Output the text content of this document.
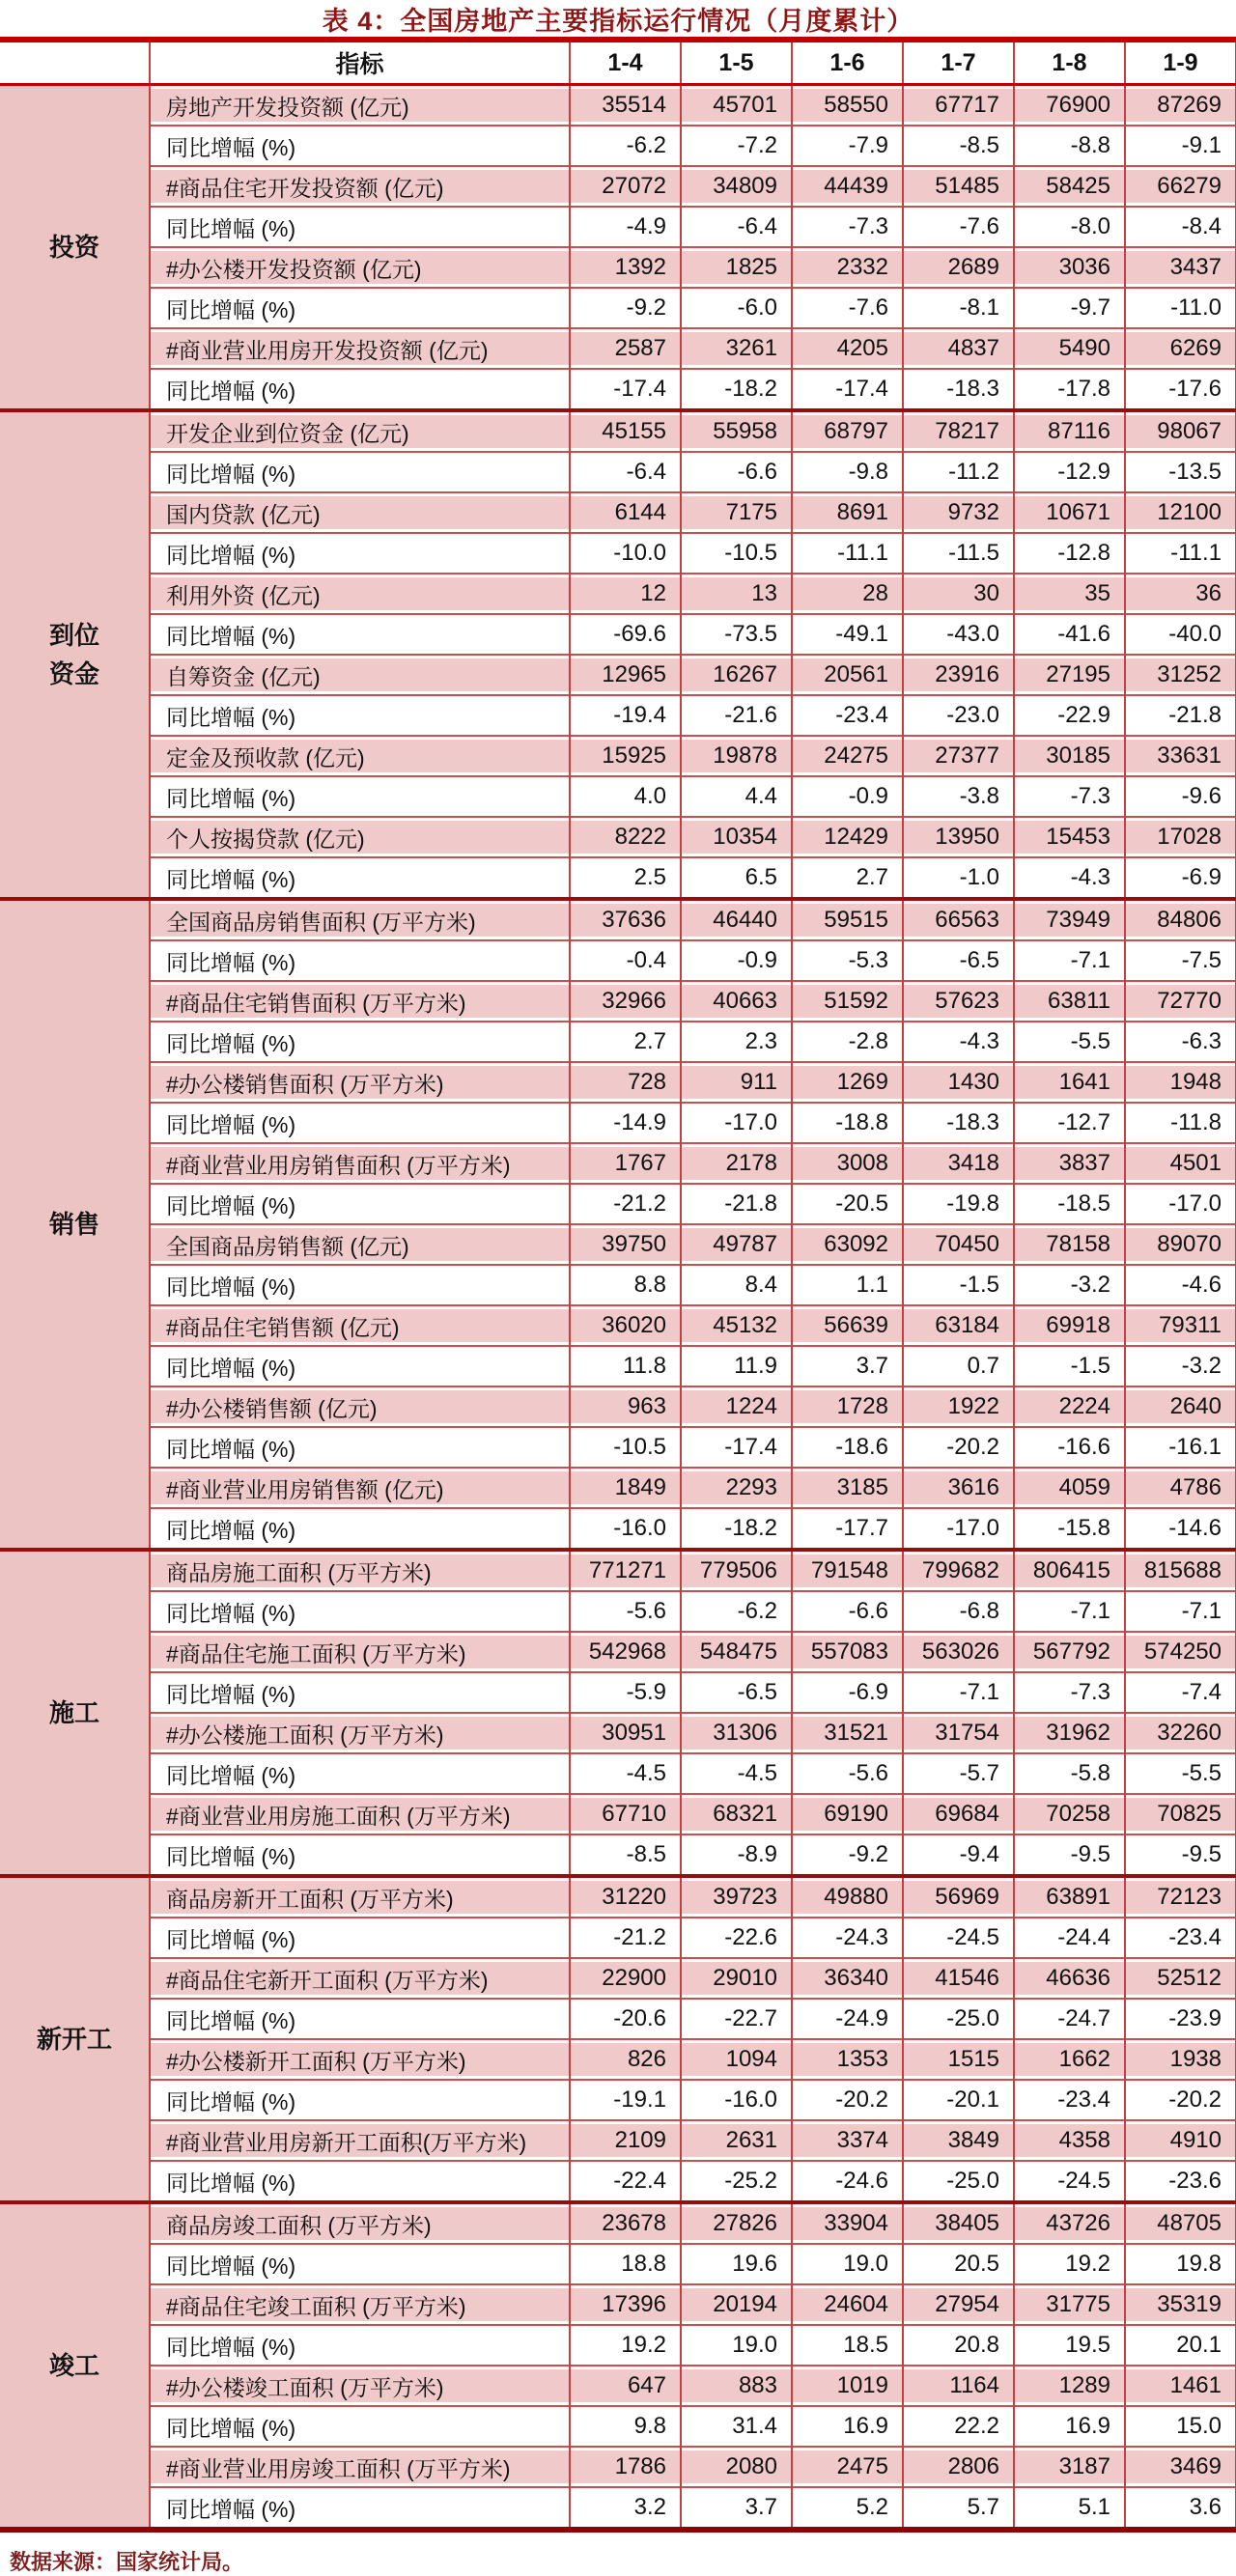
表 4：全国房地产主要指标运行情况（月度累计）
	指标	1-4	1-5	1-6	1-7	1-8	1-9
投资	房地产开发投资额 (亿元)	35514	45701	58550	67717	76900	87269
	同比增幅 (%)	-6.2	-7.2	-7.9	-8.5	-8.8	-9.1
	#商品住宅开发投资额 (亿元)	27072	34809	44439	51485	58425	66279
	同比增幅 (%)	-4.9	-6.4	-7.3	-7.6	-8.0	-8.4
	#办公楼开发投资额 (亿元)	1392	1825	2332	2689	3036	3437
	同比增幅 (%)	-9.2	-6.0	-7.6	-8.1	-9.7	-11.0
	#商业营业用房开发投资额 (亿元)	2587	3261	4205	4837	5490	6269
	同比增幅 (%)	-17.4	-18.2	-17.4	-18.3	-17.8	-17.6
到位
资金	开发企业到位资金 (亿元)	45155	55958	68797	78217	87116	98067
	同比增幅 (%)	-6.4	-6.6	-9.8	-11.2	-12.9	-13.5
	国内贷款 (亿元)	6144	7175	8691	9732	10671	12100
	同比增幅 (%)	-10.0	-10.5	-11.1	-11.5	-12.8	-11.1
	利用外资 (亿元)	12	13	28	30	35	36
	同比增幅 (%)	-69.6	-73.5	-49.1	-43.0	-41.6	-40.0
	自筹资金 (亿元)	12965	16267	20561	23916	27195	31252
	同比增幅 (%)	-19.4	-21.6	-23.4	-23.0	-22.9	-21.8
	定金及预收款 (亿元)	15925	19878	24275	27377	30185	33631
	同比增幅 (%)	4.0	4.4	-0.9	-3.8	-7.3	-9.6
	个人按揭贷款 (亿元)	8222	10354	12429	13950	15453	17028
	同比增幅 (%)	2.5	6.5	2.7	-1.0	-4.3	-6.9
销售	全国商品房销售面积 (万平方米)	37636	46440	59515	66563	73949	84806
	同比增幅 (%)	-0.4	-0.9	-5.3	-6.5	-7.1	-7.5
	#商品住宅销售面积 (万平方米)	32966	40663	51592	57623	63811	72770
	同比增幅 (%)	2.7	2.3	-2.8	-4.3	-5.5	-6.3
	#办公楼销售面积 (万平方米)	728	911	1269	1430	1641	1948
	同比增幅 (%)	-14.9	-17.0	-18.8	-18.3	-12.7	-11.8
	#商业营业用房销售面积 (万平方米)	1767	2178	3008	3418	3837	4501
	同比增幅 (%)	-21.2	-21.8	-20.5	-19.8	-18.5	-17.0
	全国商品房销售额 (亿元)	39750	49787	63092	70450	78158	89070
	同比增幅 (%)	8.8	8.4	1.1	-1.5	-3.2	-4.6
	#商品住宅销售额 (亿元)	36020	45132	56639	63184	69918	79311
	同比增幅 (%)	11.8	11.9	3.7	0.7	-1.5	-3.2
	#办公楼销售额 (亿元)	963	1224	1728	1922	2224	2640
	同比增幅 (%)	-10.5	-17.4	-18.6	-20.2	-16.6	-16.1
	#商业营业用房销售额 (亿元)	1849	2293	3185	3616	4059	4786
	同比增幅 (%)	-16.0	-18.2	-17.7	-17.0	-15.8	-14.6
施工	商品房施工面积 (万平方米)	771271	779506	791548	799682	806415	815688
	同比增幅 (%)	-5.6	-6.2	-6.6	-6.8	-7.1	-7.1
	#商品住宅施工面积 (万平方米)	542968	548475	557083	563026	567792	574250
	同比增幅 (%)	-5.9	-6.5	-6.9	-7.1	-7.3	-7.4
	#办公楼施工面积 (万平方米)	30951	31306	31521	31754	31962	32260
	同比增幅 (%)	-4.5	-4.5	-5.6	-5.7	-5.8	-5.5
	#商业营业用房施工面积 (万平方米)	67710	68321	69190	69684	70258	70825
	同比增幅 (%)	-8.5	-8.9	-9.2	-9.4	-9.5	-9.5
新开工	商品房新开工面积 (万平方米)	31220	39723	49880	56969	63891	72123
	同比增幅 (%)	-21.2	-22.6	-24.3	-24.5	-24.4	-23.4
	#商品住宅新开工面积 (万平方米)	22900	29010	36340	41546	46636	52512
	同比增幅 (%)	-20.6	-22.7	-24.9	-25.0	-24.7	-23.9
	#办公楼新开工面积 (万平方米)	826	1094	1353	1515	1662	1938
	同比增幅 (%)	-19.1	-16.0	-20.2	-20.1	-23.4	-20.2
	#商业营业用房新开工面积(万平方米)	2109	2631	3374	3849	4358	4910
	同比增幅 (%)	-22.4	-25.2	-24.6	-25.0	-24.5	-23.6
竣工	商品房竣工面积 (万平方米)	23678	27826	33904	38405	43726	48705
	同比增幅 (%)	18.8	19.6	19.0	20.5	19.2	19.8
	#商品住宅竣工面积 (万平方米)	17396	20194	24604	27954	31775	35319
	同比增幅 (%)	19.2	19.0	18.5	20.8	19.5	20.1
	#办公楼竣工面积 (万平方米)	647	883	1019	1164	1289	1461
	同比增幅 (%)	9.8	31.4	16.9	22.2	16.9	15.0
	#商业营业用房竣工面积 (万平方米)	1786	2080	2475	2806	3187	3469
	同比增幅 (%)	3.2	3.7	5.2	5.7	5.1	3.6
数据来源：国家统计局。
